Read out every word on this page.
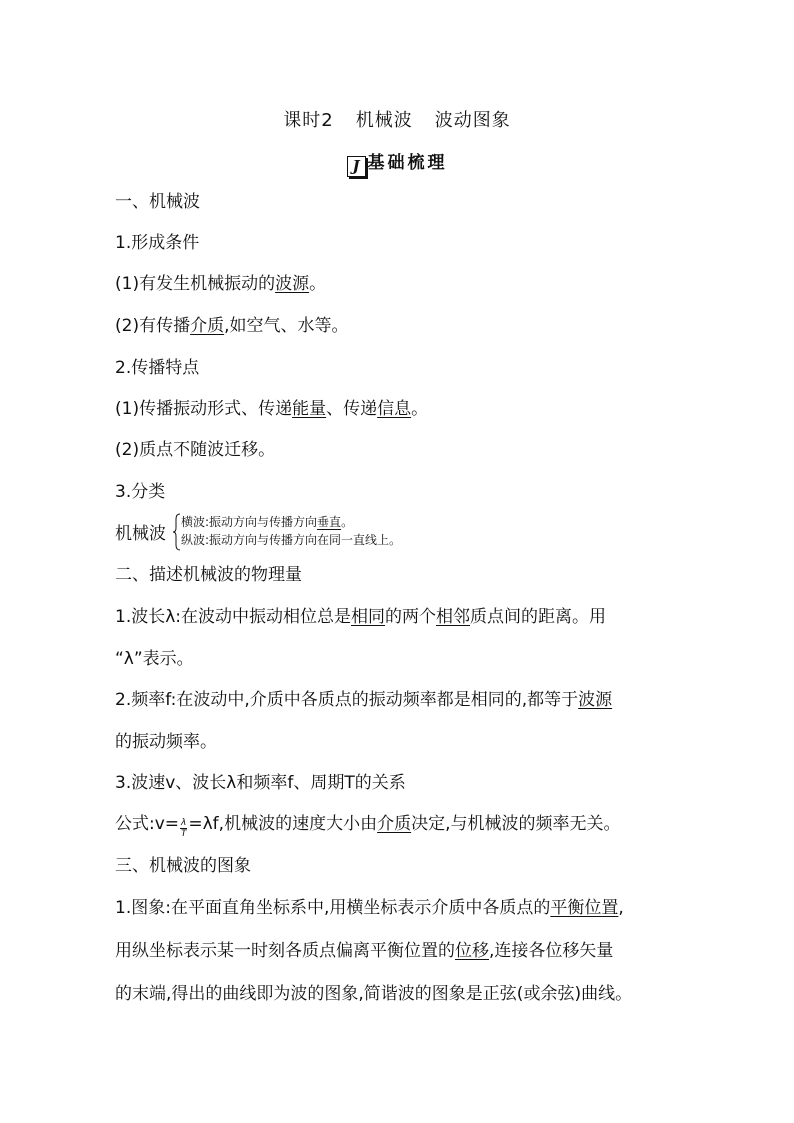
课时2 机械波 波动图象
J 基础梳理
一、机械波
1.形成条件
(1)有发生机械振动的波源。
(2)有传播介质,如空气、水等。
2.传播特点
(1)传播振动形式、传递能量、传递信息。
(2)质点不随波迁移。
3.分类
机械波
横波:振动方向与传播方向垂直。
纵波:振动方向与传播方向在同一直线上。
二、描述机械波的物理量
1.波长λ:在波动中振动相位总是相同的两个相邻质点间的距离。用
“λ”表示。
2.频率f:在波动中,介质中各质点的振动频率都是相同的,都等于波源
的振动频率。
3.波速v、波长λ和频率f、周期T的关系
公式:v= $\frac{\lambda}{T} =\lambda f$,机械波的速度大小由介质决定,与机械波的频率无关。
三、机械波的图象
1.图象:在平面直角坐标系中,用横坐标表示介质中各质点的平衡位置,
用纵坐标表示某一时刻各质点偏离平衡位置的位移,连接各位移矢量
的末端,得出的曲线即为波的图象,简谐波的图象是正弦(或余弦)曲线。
